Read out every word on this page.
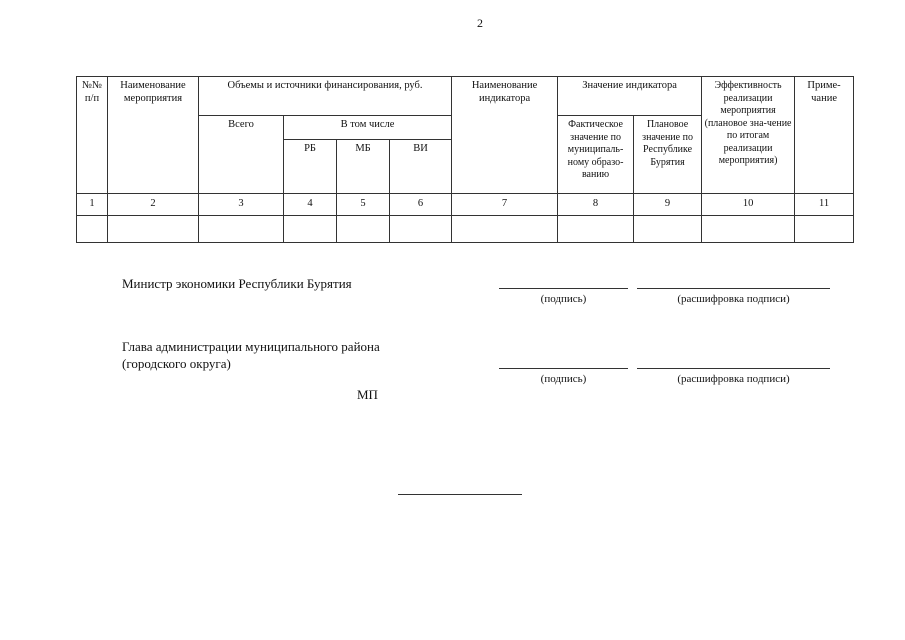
2
№№ п/п	Наименование мероприятия	Объемы и источники финансирования, руб.				Наименование индикатора	Значение индикатора		Эффективность реализации мероприятия (плановое зна-чение по итогам реализации мероприятия)	Приме-чание
		Всего	В том числе				Фактическое значение по муниципаль-ному образо-ванию	Плановое значение по Республике Бурятия		
			РБ	МБ	ВИ					
1	2	3	4	5	6	7	8	9	10	11

Министр экономики Республики Бурятия
(подпись)	(расшифровка подписи)
Глава администрации муниципального района
(городского округа)
(подпись)	(расшифровка подписи)
МП
